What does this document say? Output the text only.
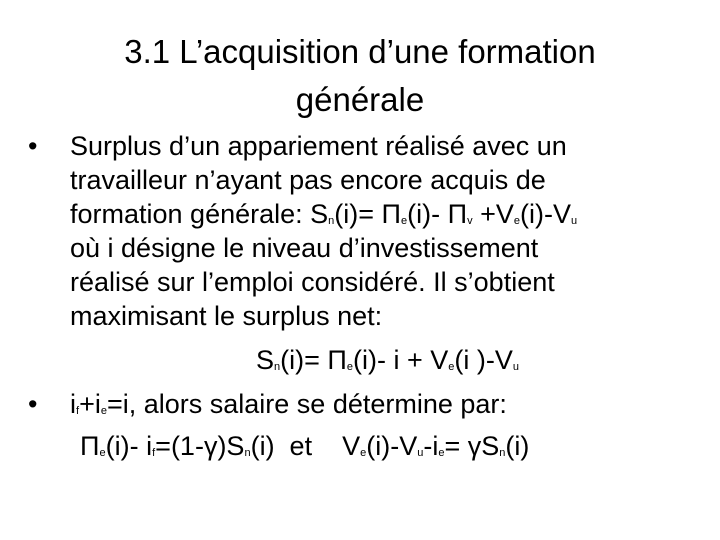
3.1 L’acquisition d’une formation
générale
• Surplus d’un appariement réalisé avec un
travailleur n’ayant pas encore acquis de
formation générale: $S_n(i)= \Pi_e(i)-$ $\Pi_v +V_e(i)-V_u$
où i désigne le niveau d’investissement
réalisé sur l’emploi considéré. Il s’obtient
maximisant le surplus net:
$S_n(i)= \Pi_e(i)-$ $i + V_e(i$ )$-V_u$
• $i_f+i_e=i$, alors salaire se détermine par:
$\Pi_e(i)-$ $i_f=(1-\gamma)S_n(i)$  et    $V_e(i)-V_u-i_e= \gamma S_n(i)$
